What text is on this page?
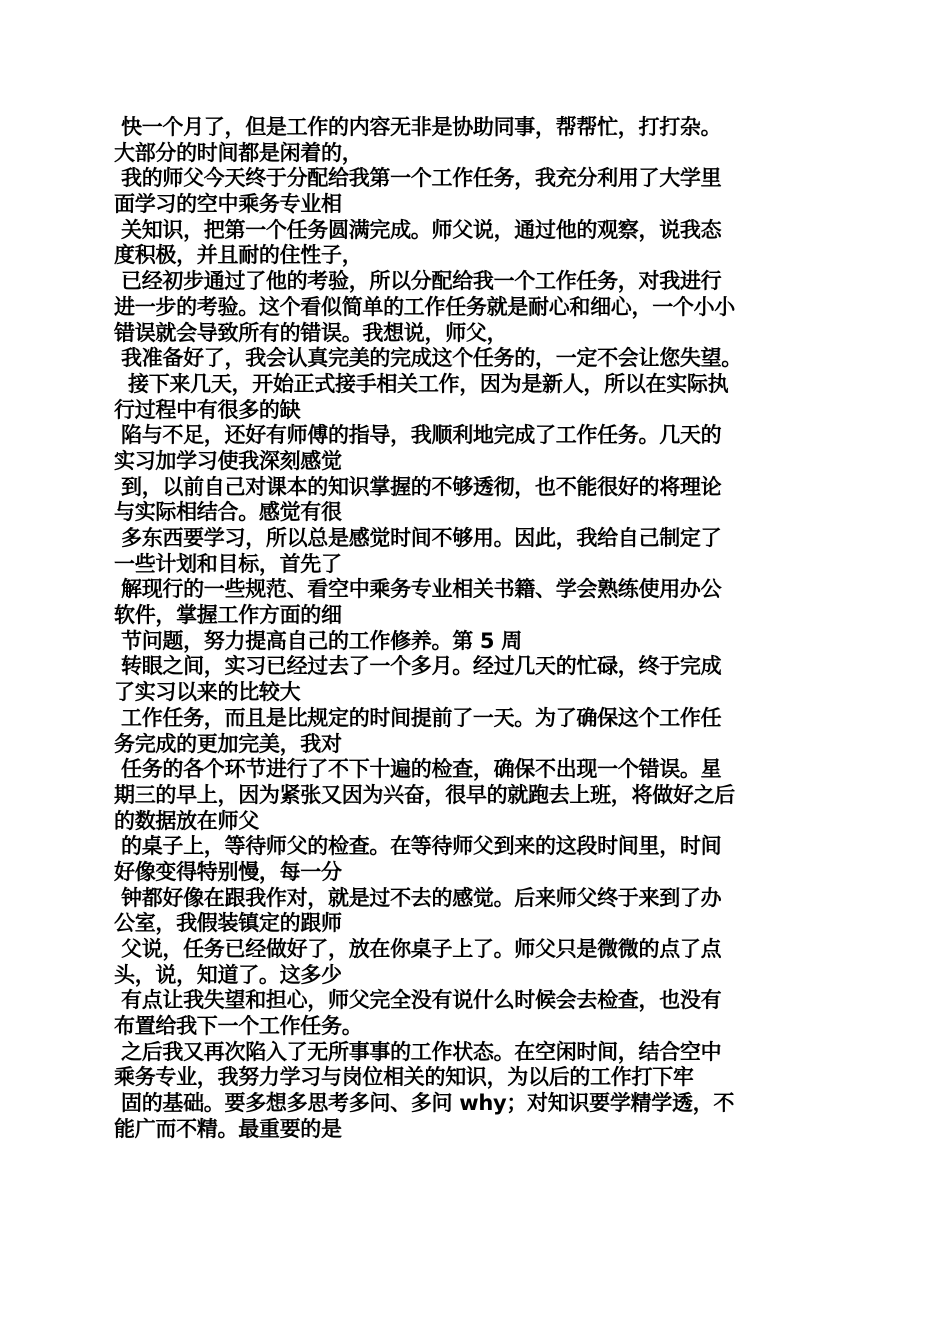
快一个月了，但是工作的内容无非是协助同事，帮帮忙，打打杂。
大部分的时间都是闲着的，
我的师父今天终于分配给我第一个工作任务，我充分利用了大学里
面学习的空中乘务专业相
关知识，把第一个任务圆满完成。师父说，通过他的观察，说我态
度积极，并且耐的住性子，
已经初步通过了他的考验，所以分配给我一个工作任务，对我进行
进一步的考验。这个看似简单的工作任务就是耐心和细心，一个小小
错误就会导致所有的错误。我想说，师父，
我准备好了，我会认真完美的完成这个任务的，一定不会让您失望。
接下来几天，开始正式接手相关工作，因为是新人，所以在实际执
行过程中有很多的缺
陷与不足，还好有师傅的指导，我顺利地完成了工作任务。几天的
实习加学习使我深刻感觉
到，以前自己对课本的知识掌握的不够透彻，也不能很好的将理论
与实际相结合。感觉有很
多东西要学习，所以总是感觉时间不够用。因此，我给自己制定了
一些计划和目标，首先了
解现行的一些规范、看空中乘务专业相关书籍、学会熟练使用办公
软件，掌握工作方面的细
节问题，努力提高自己的工作修养。第 5 周
转眼之间，实习已经过去了一个多月。经过几天的忙碌，终于完成
了实习以来的比较大
工作任务，而且是比规定的时间提前了一天。为了确保这个工作任
务完成的更加完美，我对
任务的各个环节进行了不下十遍的检查，确保不出现一个错误。星
期三的早上，因为紧张又因为兴奋，很早的就跑去上班，将做好之后
的数据放在师父
的桌子上，等待师父的检查。在等待师父到来的这段时间里，时间
好像变得特别慢，每一分
钟都好像在跟我作对，就是过不去的感觉。后来师父终于来到了办
公室，我假装镇定的跟师
父说，任务已经做好了，放在你桌子上了。师父只是微微的点了点
头，说，知道了。这多少
有点让我失望和担心，师父完全没有说什么时候会去检查，也没有
布置给我下一个工作任务。
之后我又再次陷入了无所事事的工作状态。在空闲时间，结合空中
乘务专业，我努力学习与岗位相关的知识，为以后的工作打下牢
固的基础。要多想多思考多问、多问 why；对知识要学精学透，不
能广而不精。最重要的是
